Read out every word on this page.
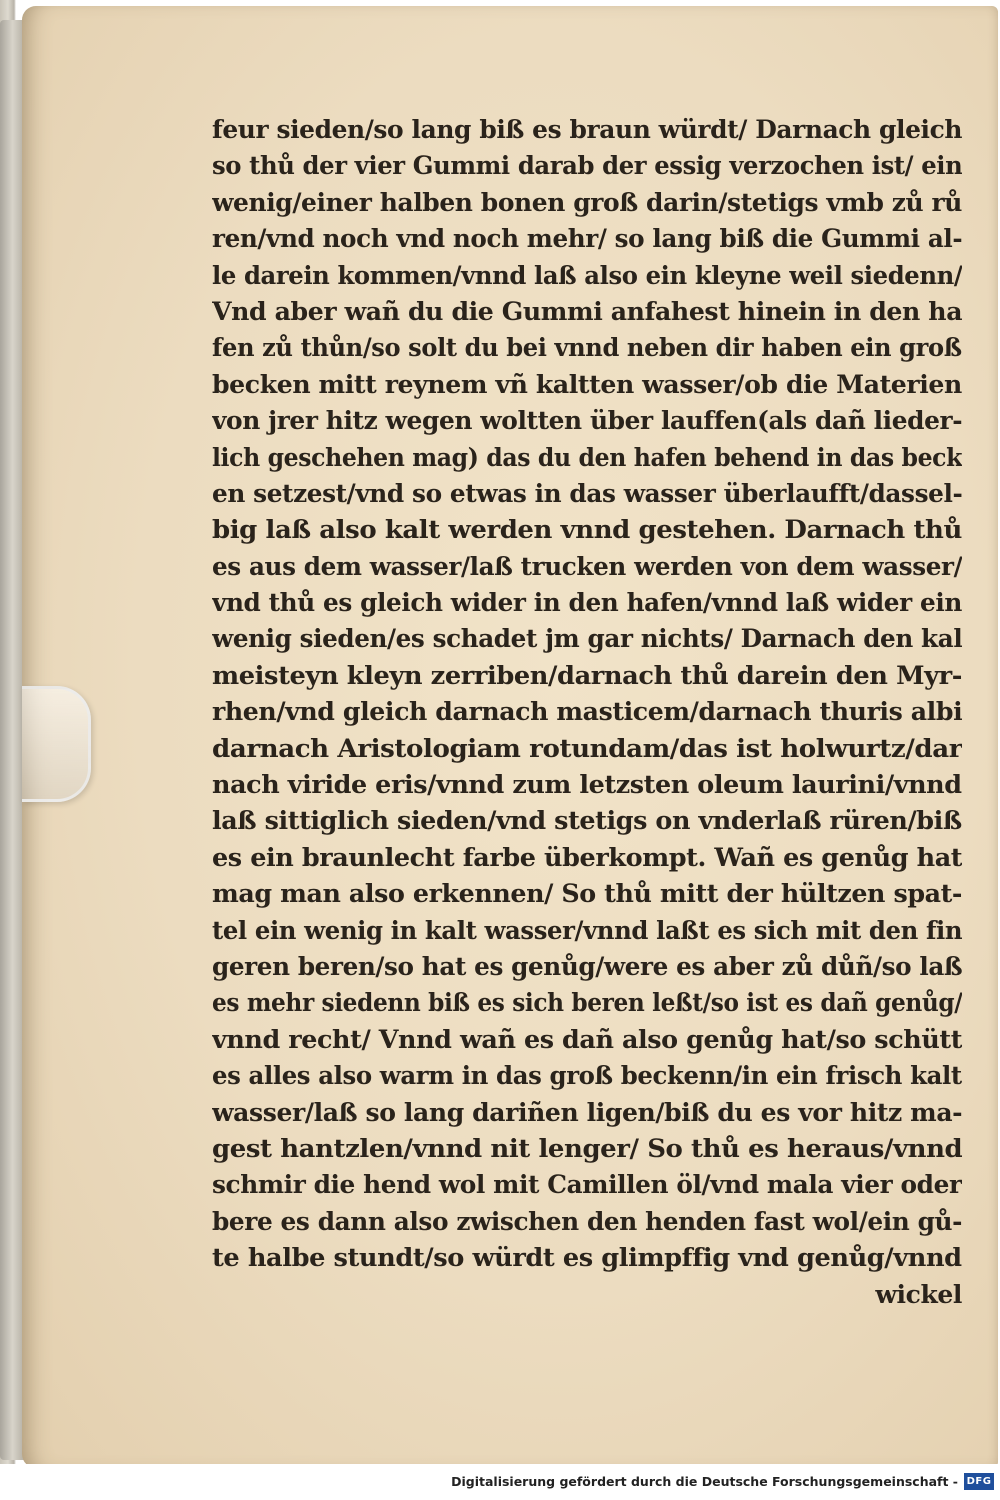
feur sieden/so lang biß es braun würdt/ Darnach gleich
so thů der vier Gummi darab der essig verzochen ist/ ein
wenig/einer halben bonen groß darin/stetigs vmb zů rů
ren/vnd noch vnd noch mehr/ so lang biß die Gummi al-
le darein kommen/vnnd laß also ein kleyne weil siedenn/
Vnd aber wañ du die Gummi anfahest hinein in den ha
fen zů thůn/so solt du bei vnnd neben dir haben ein groß
becken mitt reynem vñ kaltten wasser/ob die Materien
von jrer hitz wegen woltten über lauffen(als dañ lieder-
lich geschehen mag) das du den hafen behend in das beck
en setzest/vnd so etwas in das wasser überlaufft/dassel-
big laß also kalt werden vnnd gestehen. Darnach thů
es aus dem wasser/laß trucken werden von dem wasser/
vnd thů es gleich wider in den hafen/vnnd laß wider ein
wenig sieden/es schadet jm gar nichts/ Darnach den kal
meisteyn kleyn zerriben/darnach thů darein den Myr-
rhen/vnd gleich darnach masticem/darnach thuris albi
darnach Aristologiam rotundam/das ist holwurtz/dar
nach viride eris/vnnd zum letzsten oleum laurini/vnnd
laß sittiglich sieden/vnd stetigs on vnderlaß rüren/biß
es ein braunlecht farbe überkompt. Wañ es genůg hat
mag man also erkennen/ So thů mitt der hültzen spat-
tel ein wenig in kalt wasser/vnnd laßt es sich mit den fin
geren beren/so hat es genůg/were es aber zů důñ/so laß
es mehr siedenn biß es sich beren leßt/so ist es dañ genůg/
vnnd recht/ Vnnd wañ es dañ also genůg hat/so schütt
es alles also warm in das groß beckenn/in ein frisch kalt
wasser/laß so lang dariñen ligen/biß du es vor hitz ma-
gest hantzlen/vnnd nit lenger/ So thů es heraus/vnnd
schmir die hend wol mit Camillen öl/vnd mala vier oder
bere es dann also zwischen den henden fast wol/ein gů-
te halbe stundt/so würdt es glimpffig vnd genůg/vnnd
wickel
Digitalisierung gefördert durch die Deutsche Forschungsgemeinschaft - DFG
